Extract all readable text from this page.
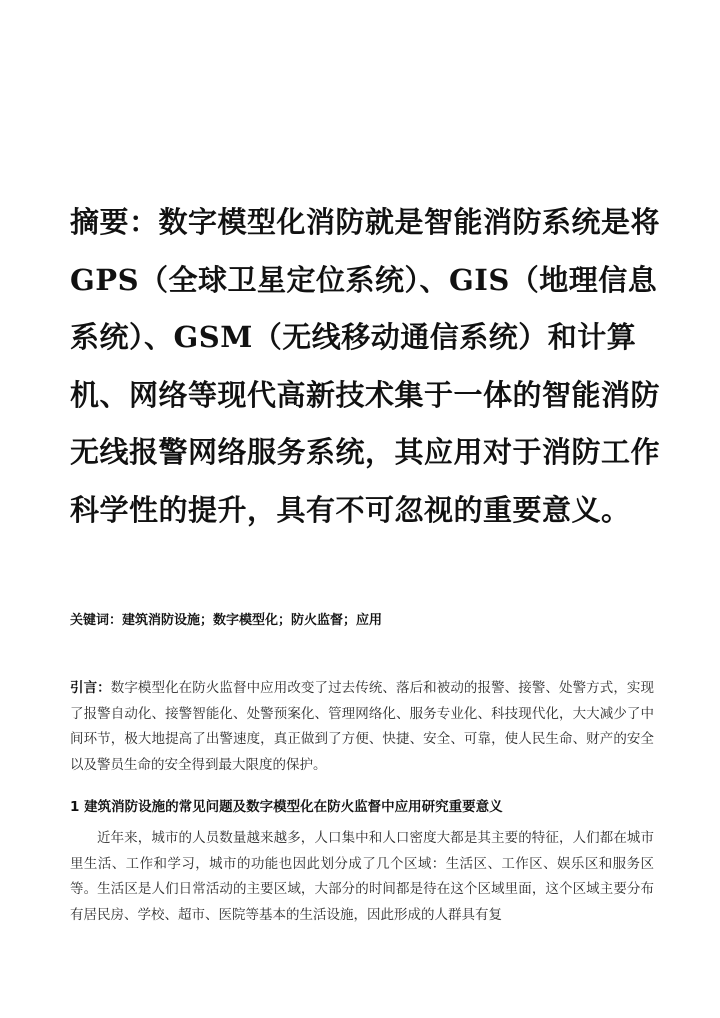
摘要：数字模型化消防就是智能消防系统是将GPS（全球卫星定位系统）、GIS（地理信息系统）、GSM（无线移动通信系统）和计算机、网络等现代高新技术集于一体的智能消防无线报警网络服务系统，其应用对于消防工作科学性的提升，具有不可忽视的重要意义。

关键词：建筑消防设施；数字模型化；防火监督；应用

引言：数字模型化在防火监督中应用改变了过去传统、落后和被动的报警、接警、处警方式，实现了报警自动化、接警智能化、处警预案化、管理网络化、服务专业化、科技现代化，大大减少了中间环节，极大地提高了出警速度，真正做到了方便、快捷、安全、可靠，使人民生命、财产的安全以及警员生命的安全得到最大限度的保护。

1 建筑消防设施的常见问题及数字模型化在防火监督中应用研究重要意义

近年来，城市的人员数量越来越多，人口集中和人口密度大都是其主要的特征，人们都在城市里生活、工作和学习，城市的功能也因此划分成了几个区域：生活区、工作区、娱乐区和服务区等。生活区是人们日常活动的主要区域，大部分的时间都是待在这个区域里面，这个区域主要分布有居民房、学校、超市、医院等基本的生活设施，因此形成的人群具有复
